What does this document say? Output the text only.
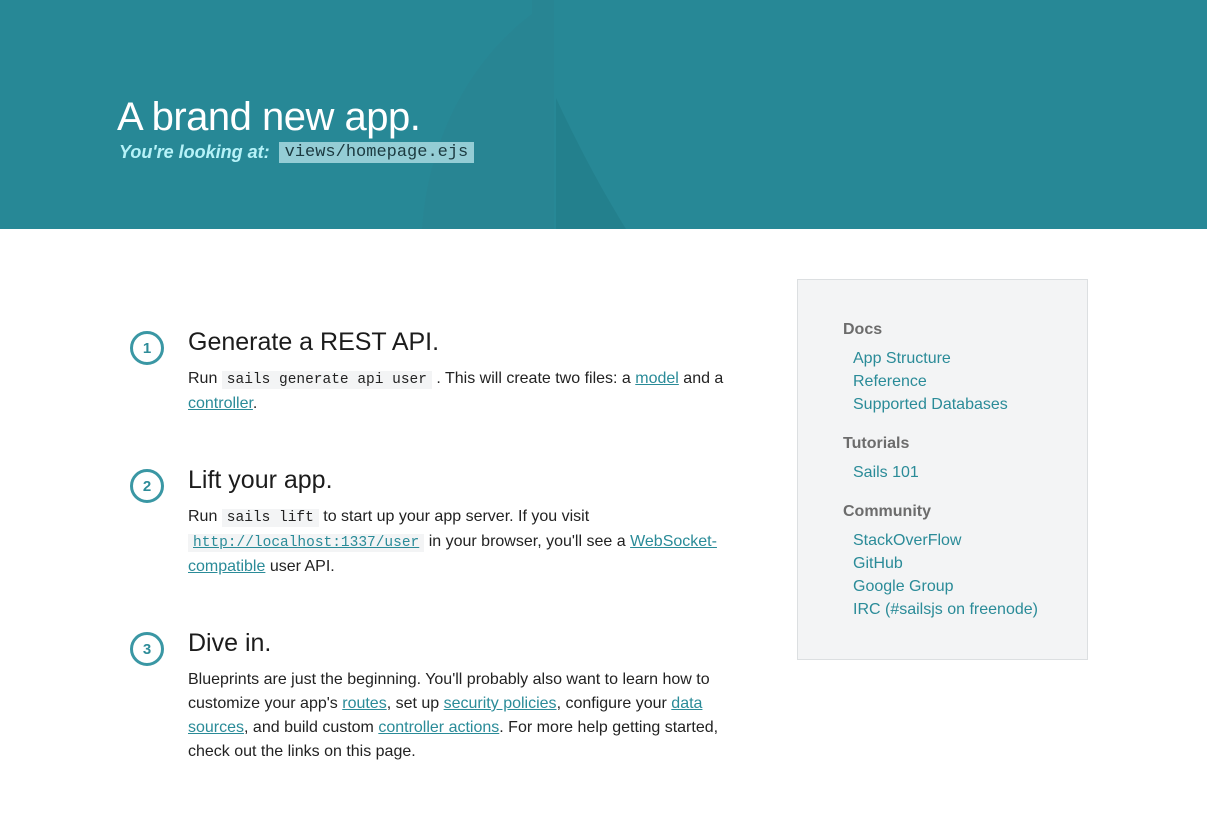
A brand new app.
You're looking at: views/homepage.ejs
1	Generate a REST API.
Run sails generate api user . This will create two files: a model and a
controller.
2	Lift your app.
Run sails lift to start up your app server. If you visit
http://localhost:1337/user in your browser, you'll see a WebSocket-compatible user API.
3	Dive in.
Blueprints are just the beginning. You'll probably also want to learn how to customize your app's routes, set up security policies, configure your data sources, and build custom controller actions. For more help getting started, check out the links on this page.
Docs
App Structure
Reference
Supported Databases
Tutorials
Sails 101
Community
StackOverFlow
GitHub
Google Group
IRC (#sailsjs on freenode)
